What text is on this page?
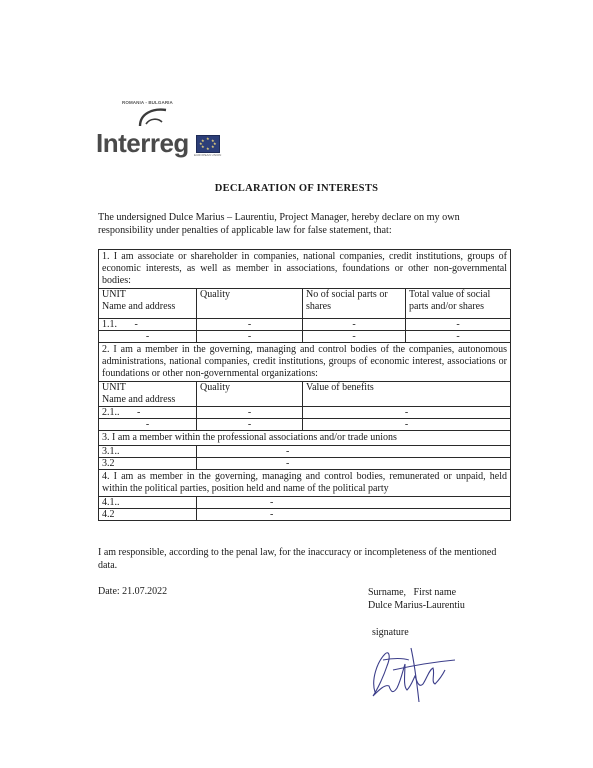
ROMANIA - BULGARIA
Interreg	★
★ ★
★	★
★ ★
★
EUROPEAN UNION
DECLARATION OF INTERESTS

The undersigned Dulce Marius – Laurentiu, Project Manager, hereby declare on my own responsibility under penalties of applicable law for false statement, that:

1. I am associate or shareholder in companies, national companies, credit institutions, groups of economic interests, as well as member in associations, foundations or other non-governmental bodies:			
UNIT
Name and address	Quality	No of social parts or shares	Total value of social parts and/or shares
1.1.       -	-	-	-
-	-	-	-
2. I am a member in the governing, managing and control bodies of the companies, autonomous administrations, national companies, credit institutions, groups of economic interest, associations or foundations or other non-governmental organizations:			
UNIT
Name and address	Quality	Value of benefits	
2.1..       -	-	-	
-	-	-	
3. I am a member within the professional associations and/or trade unions			
3.1..	-		
3.2	-		
4. I am as member in the governing, managing and control bodies, remunerated or unpaid, held within the political parties, position held and name of the political party			
4.1..	-		
4.2	-		

I am responsible, according to the penal law, for the inaccuracy or incompleteness of the mentioned data.

Date: 21.07.2022	Surname,   First name
Dulce Marius-Laurentiu
signature
